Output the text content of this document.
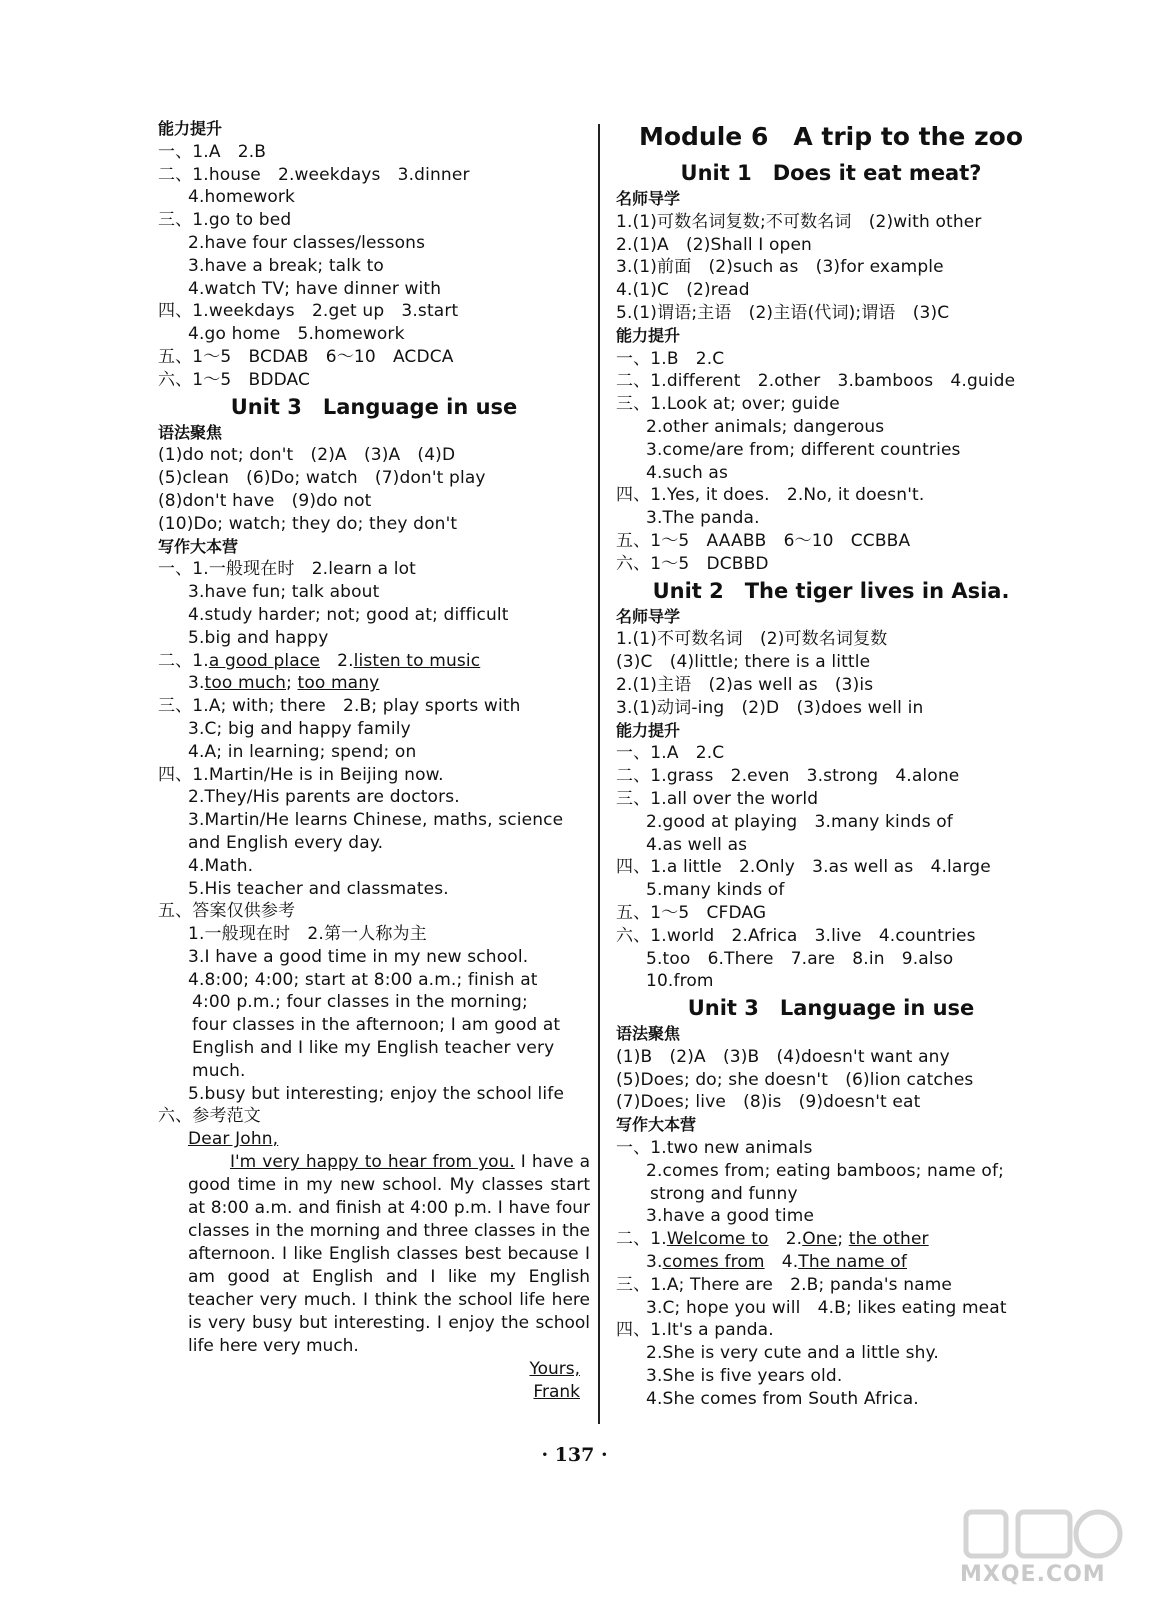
能力提升
一、1.A　2.B
二、1.house　2.weekdays　3.dinner
4.homework
三、1.go to bed
2.have four classes/lessons
3.have a break; talk to
4.watch TV; have dinner with
四、1.weekdays　2.get up　3.start
4.go home　5.homework
五、1～5　BCDAB　6～10　ACDCA
六、1～5　BDDAC
Unit 3　Language in use
语法聚焦
(1)do not; don't　(2)A　(3)A　(4)D
(5)clean　(6)Do; watch　(7)don't play
(8)don't have　(9)do not
(10)Do; watch; they do; they don't
写作大本营
一、1.一般现在时　2.learn a lot
3.have fun; talk about
4.study harder; not; good at; difficult
5.big and happy
二、1.a good place　2.listen to music
3.too much; too many
三、1.A; with; there　2.B; play sports with
3.C; big and happy family
4.A; in learning; spend; on
四、1.Martin/He is in Beijing now.
2.They/His parents are doctors.
3.Martin/He learns Chinese, maths, science
and English every day.
4.Math.
5.His teacher and classmates.
五、答案仅供参考
1.一般现在时　2.第一人称为主
3.I have a good time in my new school.
4.8:00; 4:00; start at 8:00 a.m.; finish at
4:00 p.m.; four classes in the morning;
four classes in the afternoon; I am good at
English and I like my English teacher very
much.
5.busy but interesting; enjoy the school life
六、参考范文
Dear John,
I'm very happy to hear from you. I have a good time in my new school. My classes start at 8:00 a.m. and finish at 4:00 p.m. I have four classes in the morning and three classes in the afternoon. I like English classes best because I am good at English and I like my English teacher very much. I think the school life here is very busy but interesting. I enjoy the school life here very much.
Yours,
Frank
Module 6　A trip to the zoo
Unit 1　Does it eat meat?
名师导学
1.(1)可数名词复数;不可数名词　(2)with other
2.(1)A　(2)Shall I open
3.(1)前面　(2)such as　(3)for example
4.(1)C　(2)read
5.(1)谓语;主语　(2)主语(代词);谓语　(3)C
能力提升
一、1.B　2.C
二、1.different　2.other　3.bamboos　4.guide
三、1.Look at; over; guide
2.other animals; dangerous
3.come/are from; different countries
4.such as
四、1.Yes, it does.　2.No, it doesn't.
3.The panda.
五、1～5　AAABB　6～10　CCBBA
六、1～5　DCBBD
Unit 2　The tiger lives in Asia.
名师导学
1.(1)不可数名词　(2)可数名词复数
(3)C　(4)little; there is a little
2.(1)主语　(2)as well as　(3)is
3.(1)动词-ing　(2)D　(3)does well in
能力提升
一、1.A　2.C
二、1.grass　2.even　3.strong　4.alone
三、1.all over the world
2.good at playing　3.many kinds of
4.as well as
四、1.a little　2.Only　3.as well as　4.large
5.many kinds of
五、1～5　CFDAG
六、1.world　2.Africa　3.live　4.countries
5.too　6.There　7.are　8.in　9.also
10.from
Unit 3　Language in use
语法聚焦
(1)B　(2)A　(3)B　(4)doesn't want any
(5)Does; do; she doesn't　(6)lion catches
(7)Does; live　(8)is　(9)doesn't eat
写作大本营
一、1.two new animals
2.comes from; eating bamboos; name of;
strong and funny
3.have a good time
二、1.Welcome to　2.One; the other
3.comes from　4.The name of
三、1.A; There are　2.B; panda's name
3.C; hope you will　4.B; likes eating meat
四、1.It's a panda.
2.She is very cute and a little shy.
3.She is five years old.
4.She comes from South Africa.
· 137 ·
MXQE.COM
